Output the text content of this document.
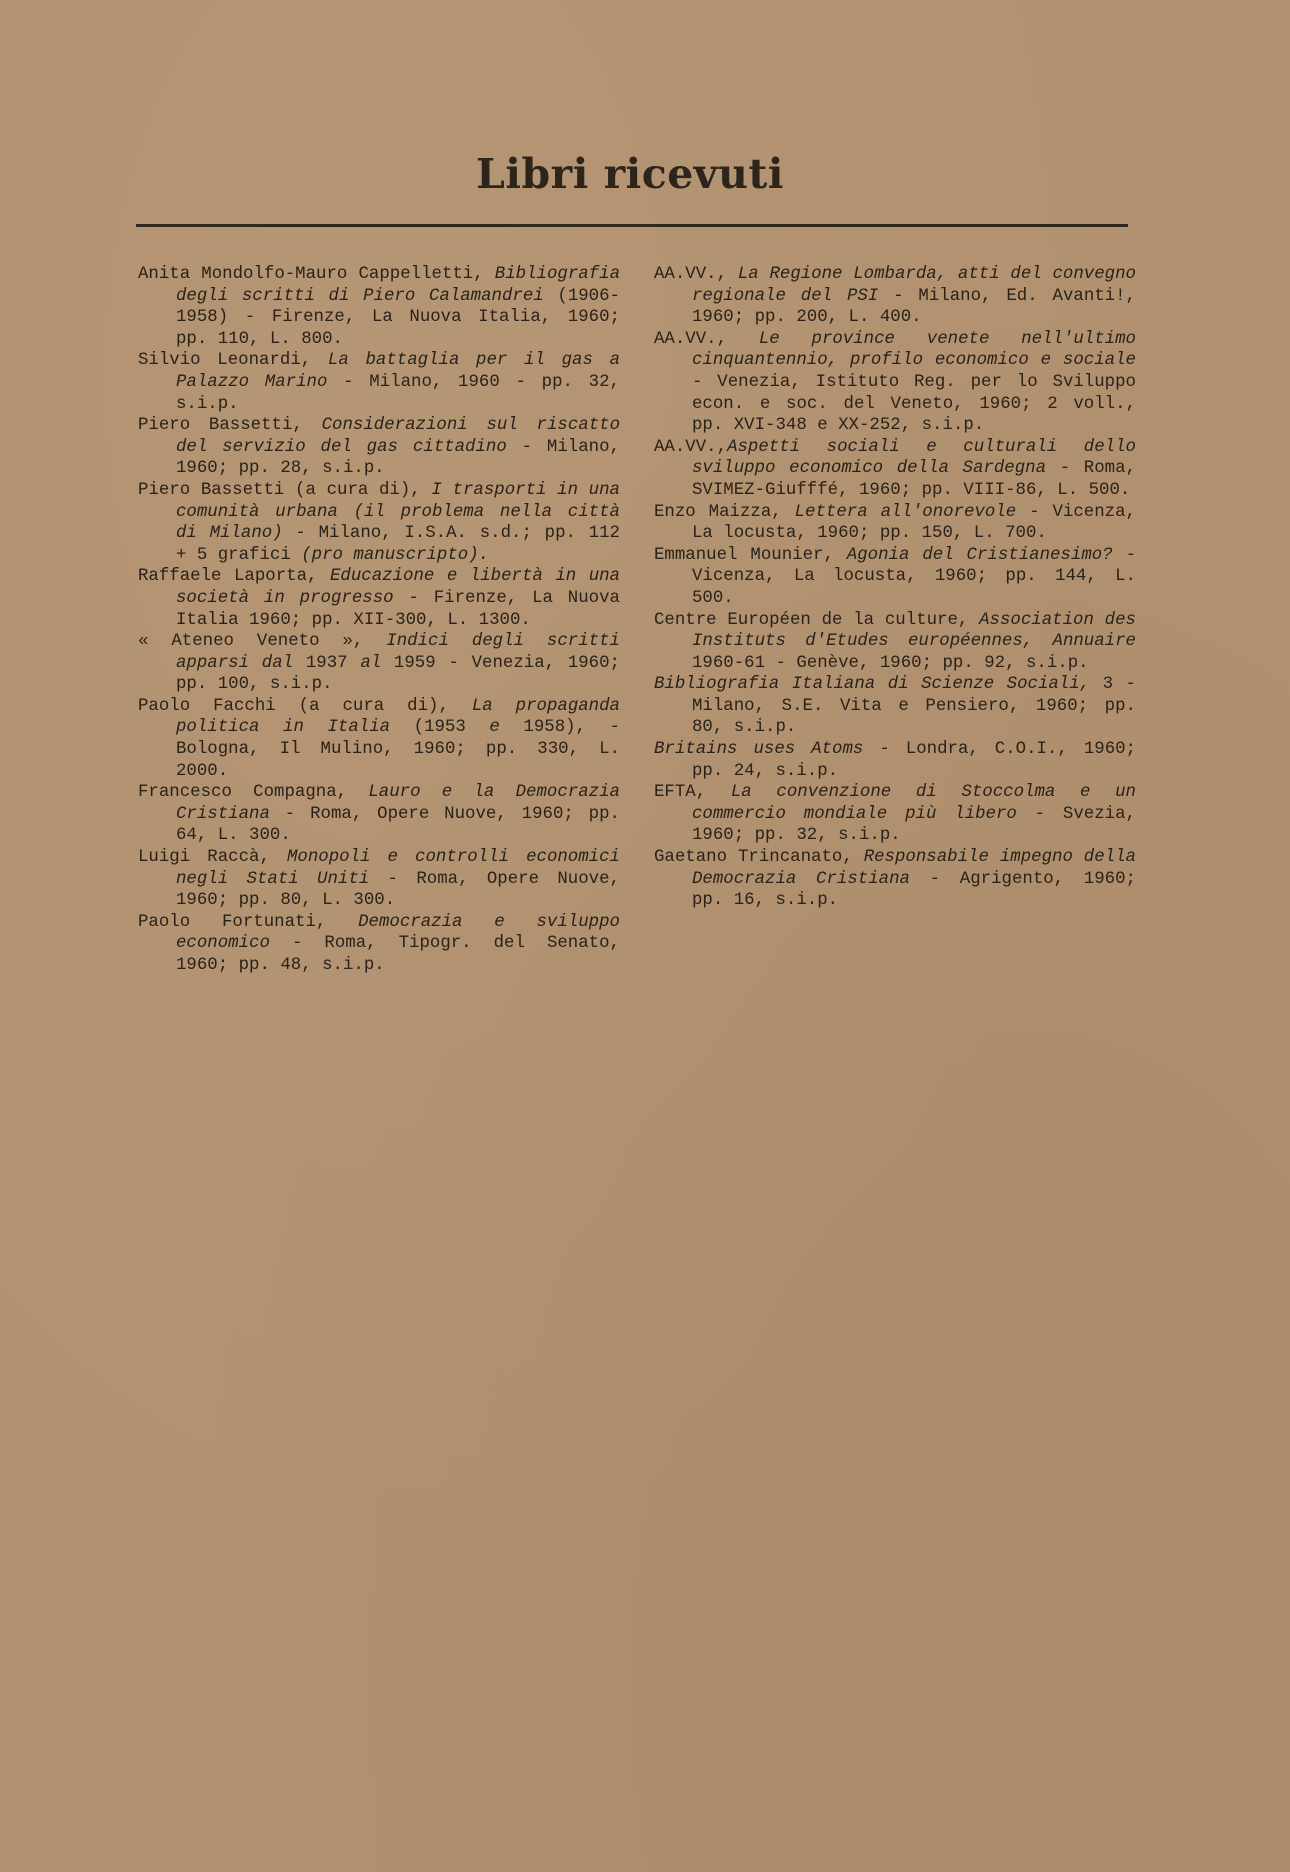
Libri ricevuti

Anita Mondolfo-Mauro Cappelletti, Bibliografia degli scritti di Piero Calamandrei (1906-1958) - Firenze, La Nuova Italia, 1960; pp. 110, L. 800.

Silvio Leonardi, La battaglia per il gas a Palazzo Marino - Milano, 1960 - pp. 32, s.i.p.

Piero Bassetti, Considerazioni sul riscatto del servizio del gas cittadino - Milano, 1960; pp. 28, s.i.p.

Piero Bassetti (a cura di), I trasporti in una comunità urbana (il problema nella città di Milano) - Milano, I.S.A. s.d.; pp. 112 + 5 grafici (pro manuscripto).

Raffaele Laporta, Educazione e libertà in una società in progresso - Firenze, La Nuova Italia 1960; pp. XII-300, L. 1300.

« Ateneo Veneto », Indici degli scritti apparsi dal 1937 al 1959 - Venezia, 1960; pp. 100, s.i.p.

Paolo Facchi (a cura di), La propaganda politica in Italia (1953 e 1958), - Bologna, Il Mulino, 1960; pp. 330, L. 2000.

Francesco Compagna, Lauro e la Democrazia Cristiana - Roma, Opere Nuove, 1960; pp. 64, L. 300.

Luigi Raccà, Monopoli e controlli economici negli Stati Uniti - Roma, Opere Nuove, 1960; pp. 80, L. 300.

Paolo Fortunati, Democrazia e sviluppo economico - Roma, Tipogr. del Senato, 1960; pp. 48, s.i.p.

AA.VV., La Regione Lombarda, atti del convegno regionale del PSI - Milano, Ed. Avanti!, 1960; pp. 200, L. 400.

AA.VV., Le province venete nell'ultimo cinquantennio, profilo economico e sociale - Venezia, Istituto Reg. per lo Sviluppo econ. e soc. del Veneto, 1960; 2 voll., pp. XVI-348 e XX-252, s.i.p.

AA.VV.,Aspetti sociali e culturali dello sviluppo economico della Sardegna - Roma, SVIMEZ-Giufffé, 1960; pp. VIII-86, L. 500.

Enzo Maizza, Lettera all'onorevole - Vicenza, La locusta, 1960; pp. 150, L. 700.

Emmanuel Mounier, Agonia del Cristianesimo? - Vicenza, La locusta, 1960; pp. 144, L. 500.

Centre Européen de la culture, Association des Instituts d'Etudes européennes, Annuaire 1960-61 - Genève, 1960; pp. 92, s.i.p.

Bibliografia Italiana di Scienze Sociali, 3 - Milano, S.E. Vita e Pensiero, 1960; pp. 80, s.i.p.

Britains uses Atoms - Londra, C.O.I., 1960; pp. 24, s.i.p.

EFTA, La convenzione di Stoccolma e un commercio mondiale più libero - Svezia, 1960; pp. 32, s.i.p.

Gaetano Trincanato, Responsabile impegno della Democrazia Cristiana - Agrigento, 1960; pp. 16, s.i.p.
